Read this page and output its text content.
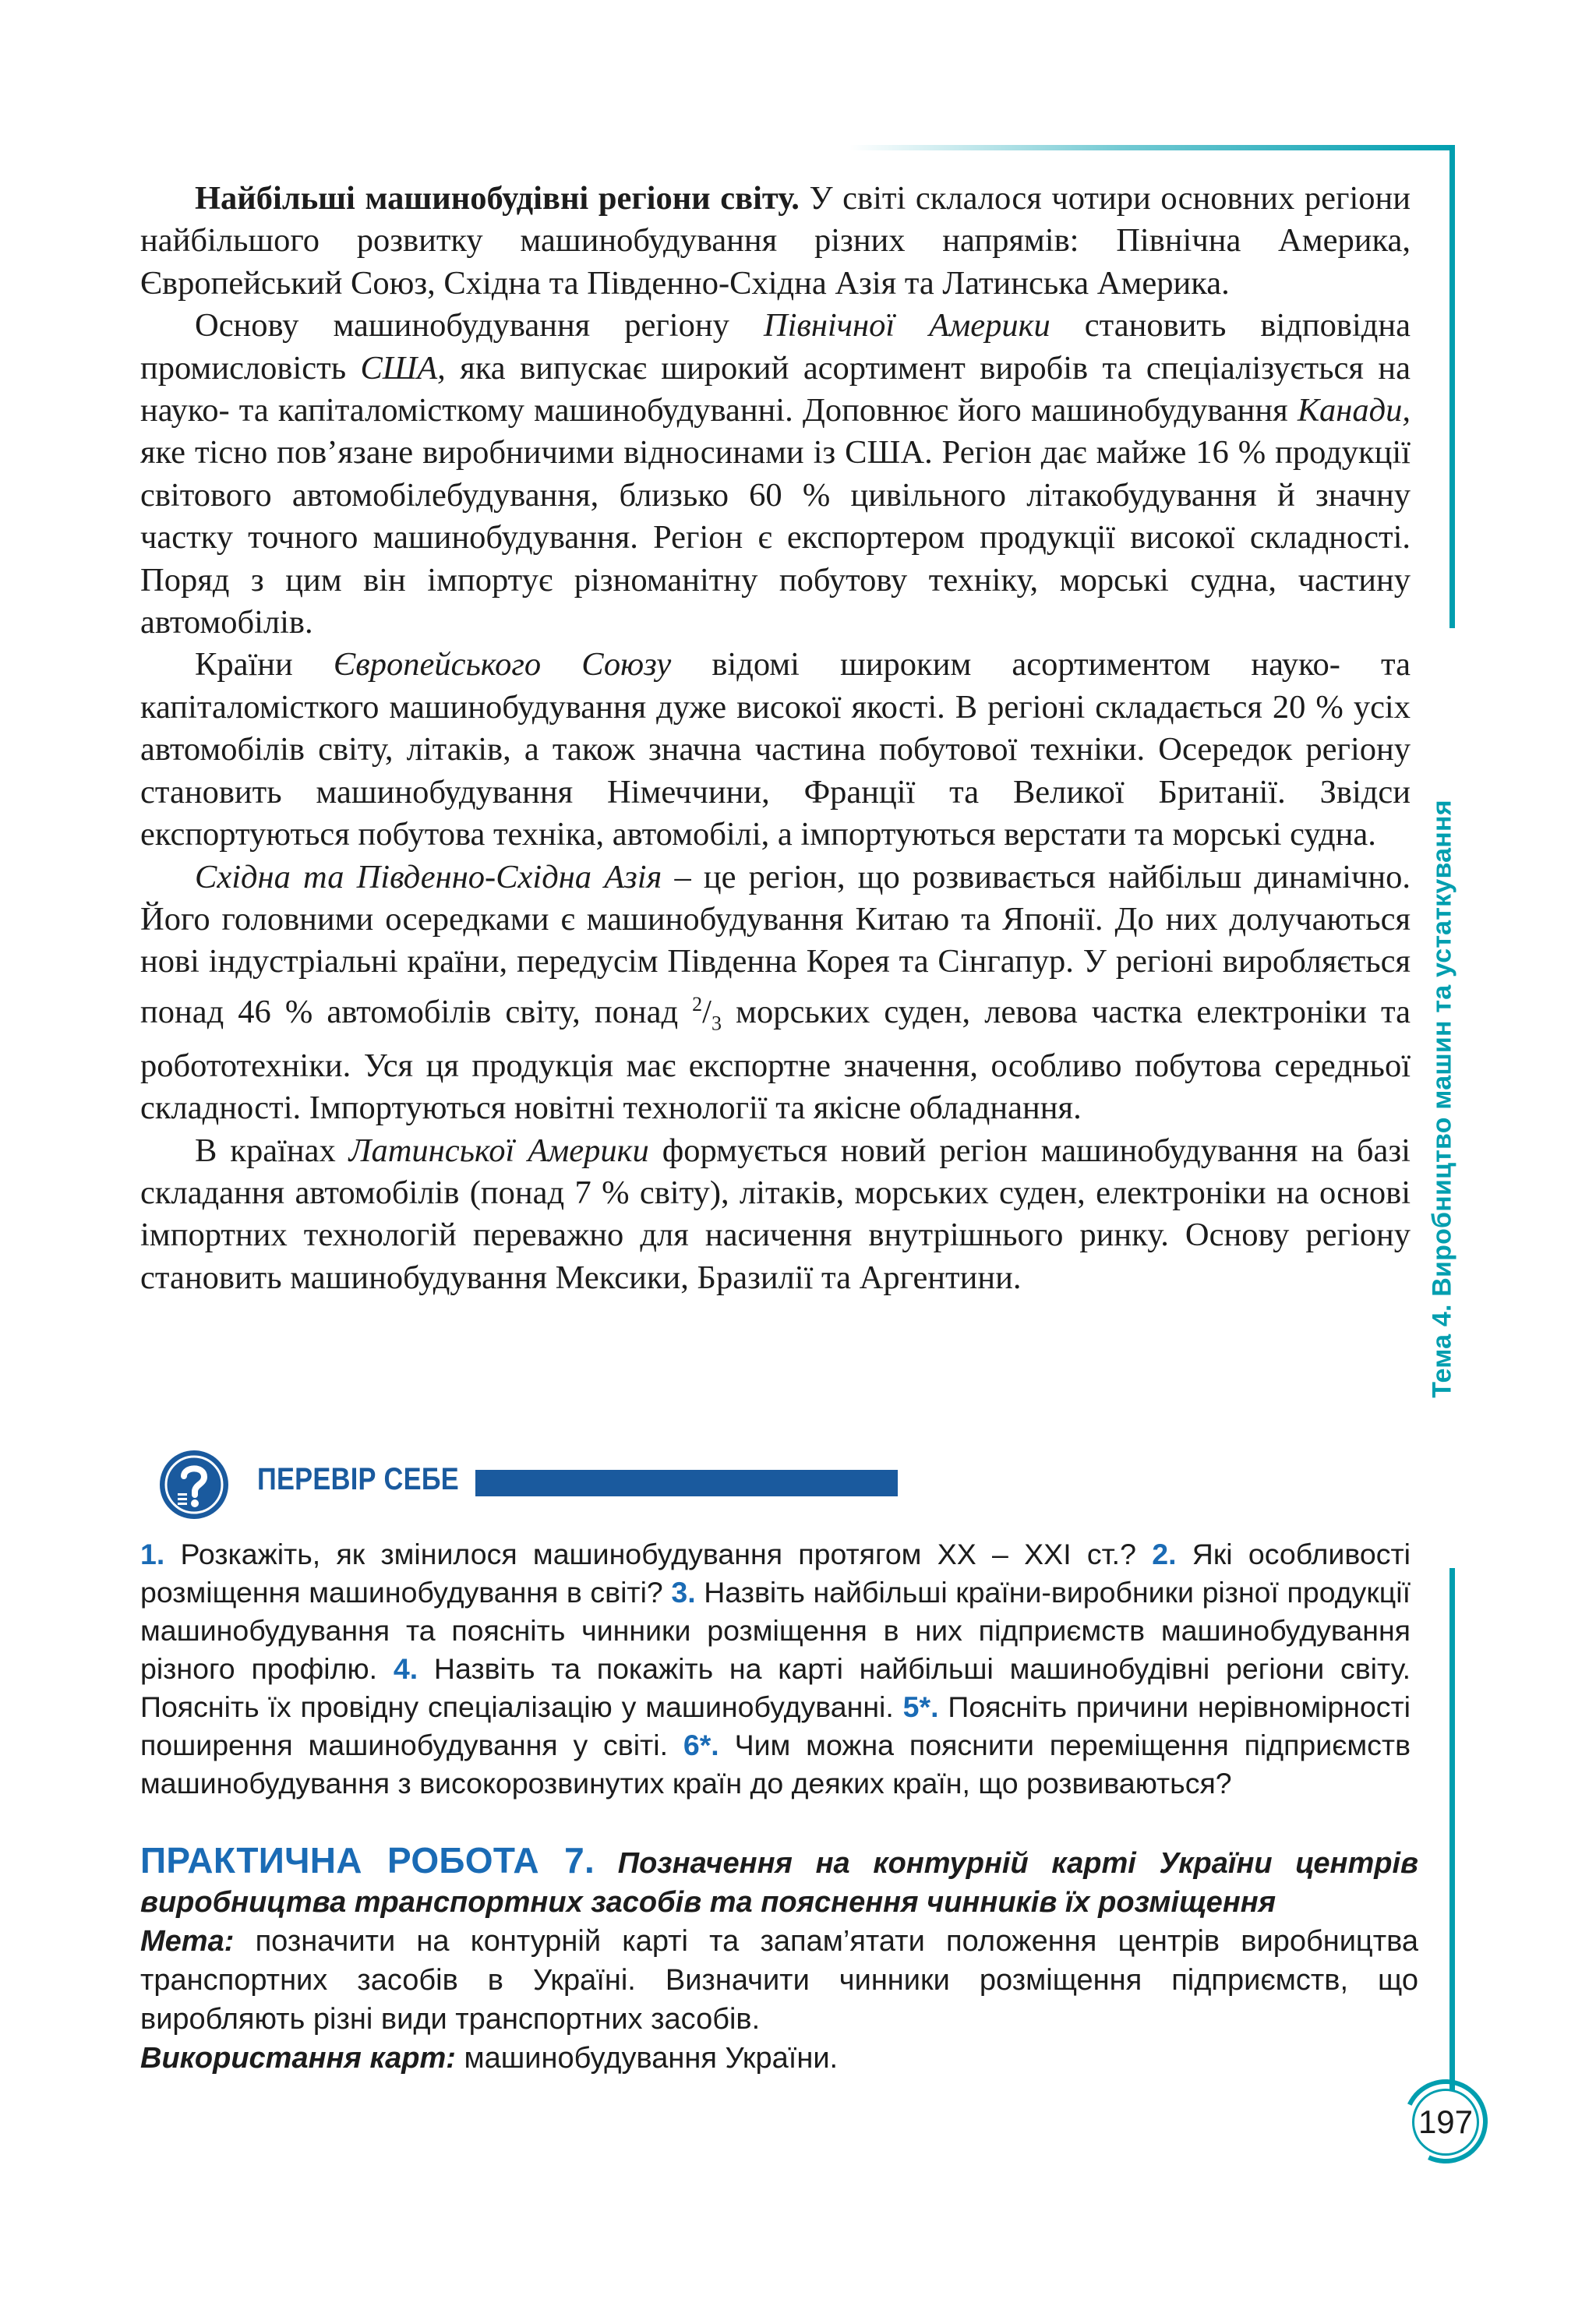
Тема 4. Виробництво машин та устаткування
197

Найбільші машинобудівні регіони світу. У світі склалося чотири основних регіони найбільшого розвитку машинобудування різних напрямів: Північна Америка, Європейський Союз, Східна та Південно-Східна Азія та Латинська Америка.

Основу машинобудування регіону Північної Америки становить відповідна промисловість США, яка випускає широкий асортимент виробів та спеціалізується на науко- та капіталомісткому машинобудуванні. Доповнює його машинобудування Канади, яке тісно пов’язане виробничими відносинами із США. Регіон дає майже 16 % продукції світового автомобілебудування, близько 60 % цивільного літакобудування й значну частку точного машинобудування. Регіон є експортером продукції високої складності. Поряд з цим він імпортує різноманітну побутову техніку, морські судна, частину автомобілів.

Країни Європейського Союзу відомі широким асортиментом науко- та капіталомісткого машинобудування дуже високої якості. В регіоні складається 20 % усіх автомобілів світу, літаків, а також значна частина побутової техніки. Осередок регіону становить машинобудування Німеччини, Франції та Великої Британії. Звідси експортуються побутова техніка, автомобілі, а імпортуються верстати та морські судна.

Східна та Південно-Східна Азія – це регіон, що розвивається найбільш динамічно. Його головними осередками є машинобудування Китаю та Японії. До них долучаються нові індустріальні країни, передусім Південна Корея та Сінгапур. У регіоні виробляється понад 46 % автомобілів світу, понад $^2/_3$ морських суден, левова частка електроніки та робототехніки. Уся ця продукція має експортне значення, особливо побутова середньої складності. Імпортуються новітні технології та якісне обладнання.

В країнах Латинської Америки формується новий регіон машинобудування на базі складання автомобілів (понад 7 % світу), літаків, морських суден, електроніки на основі імпортних технологій переважно для насичення внутрішнього ринку. Основу регіону становить машинобудування Мексики, Бразилії та Аргентини.

ПЕРЕВІР СЕБЕ
1. Розкажіть, як змінилося машинобудування протягом ХХ – ХХІ ст.? 2. Які особливості розміщення машинобудування в світі? 3. Назвіть найбільші країни-виробники різної продукції машинобудування та поясніть чинники розміщення в них підприємств машинобудування різного профілю. 4. Назвіть та покажіть на карті найбільші машинобудівні регіони світу. Поясніть їх провідну спеціалізацію у машинобудуванні. 5*. Поясніть причини нерівномірності поширення машинобудування у світі. 6*. Чим можна пояснити переміщення підприємств машинобудування з високорозвинутих країн до деяких країн, що розвиваються?

ПРАКТИЧНА РОБОТА 7. Позначення на контурній карті України центрів виробництва транспортних засобів та пояснення чинників їх розміщення

Мета: позначити на контурній карті та запам’ятати положення центрів виробництва транспортних засобів в Україні. Визначити чинники розміщення підприємств, що виробляють різні види транспортних засобів.

Використання карт: машинобудування України.
